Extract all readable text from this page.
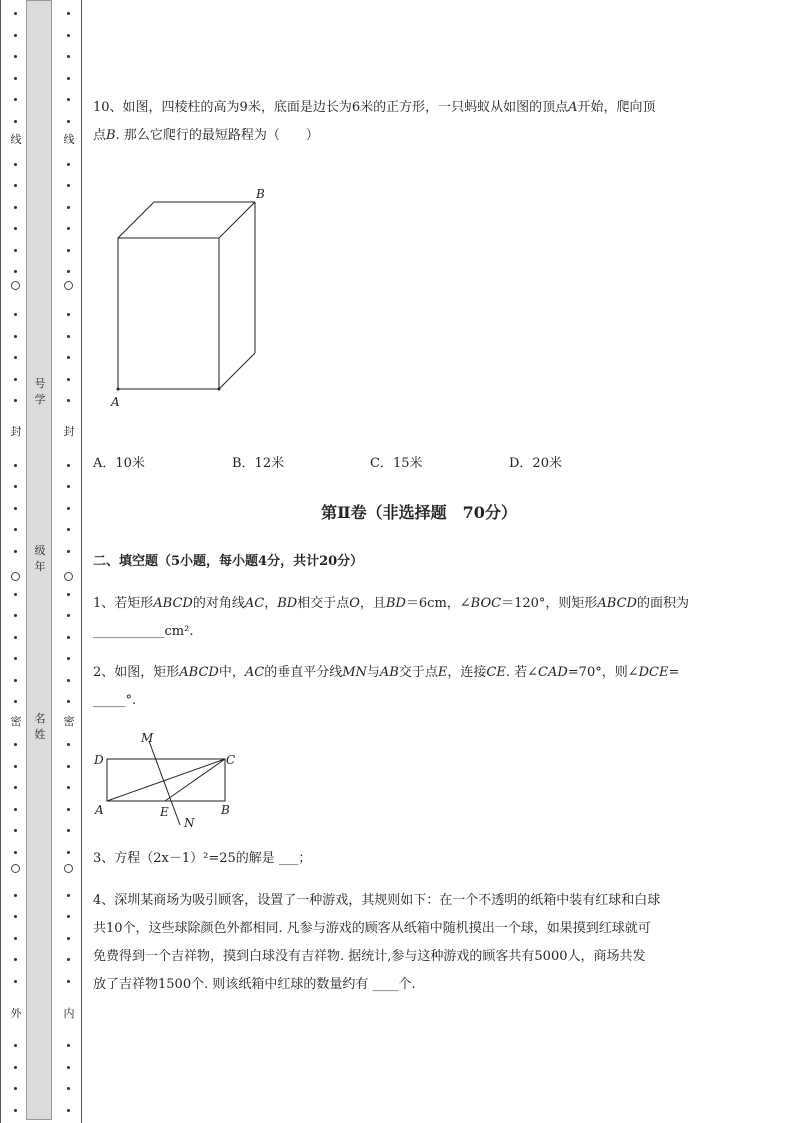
线
封
密
外
线
封
密
内
号学
级年
名姓
10、如图，四棱柱的高为9米，底面是边长为6米的正方形，一只蚂蚁从如图的顶点A开始，爬向顶
点B. 那么它爬行的最短路程为（　　）
B
A
A．10米	B．12米	C．15米	D．20米
第Ⅱ卷（非选择题　70分）
二、填空题（5小题，每小题4分，共计20分）
1、若矩形ABCD的对角线AC，BD相交于点O，且BD＝6cm，∠BOC＝120°，则矩形ABCD的面积为
___________cm².
2、如图，矩形ABCD中，AC的垂直平分线MN与AB交于点E，连接CE. 若∠CAD=70°，则∠DCE=
_____°.
M
D	C
A	E
N
B
3、方程（2x－1）²=25的解是 ___；
4、深圳某商场为吸引顾客，设置了一种游戏，其规则如下：在一个不透明的纸箱中装有红球和白球
共10个，这些球除颜色外都相同. 凡参与游戏的顾客从纸箱中随机摸出一个球，如果摸到红球就可
免费得到一个吉祥物，摸到白球没有吉祥物. 据统计,参与这种游戏的顾客共有5000人，商场共发
放了吉祥物1500个. 则该纸箱中红球的数量约有 ____个.
